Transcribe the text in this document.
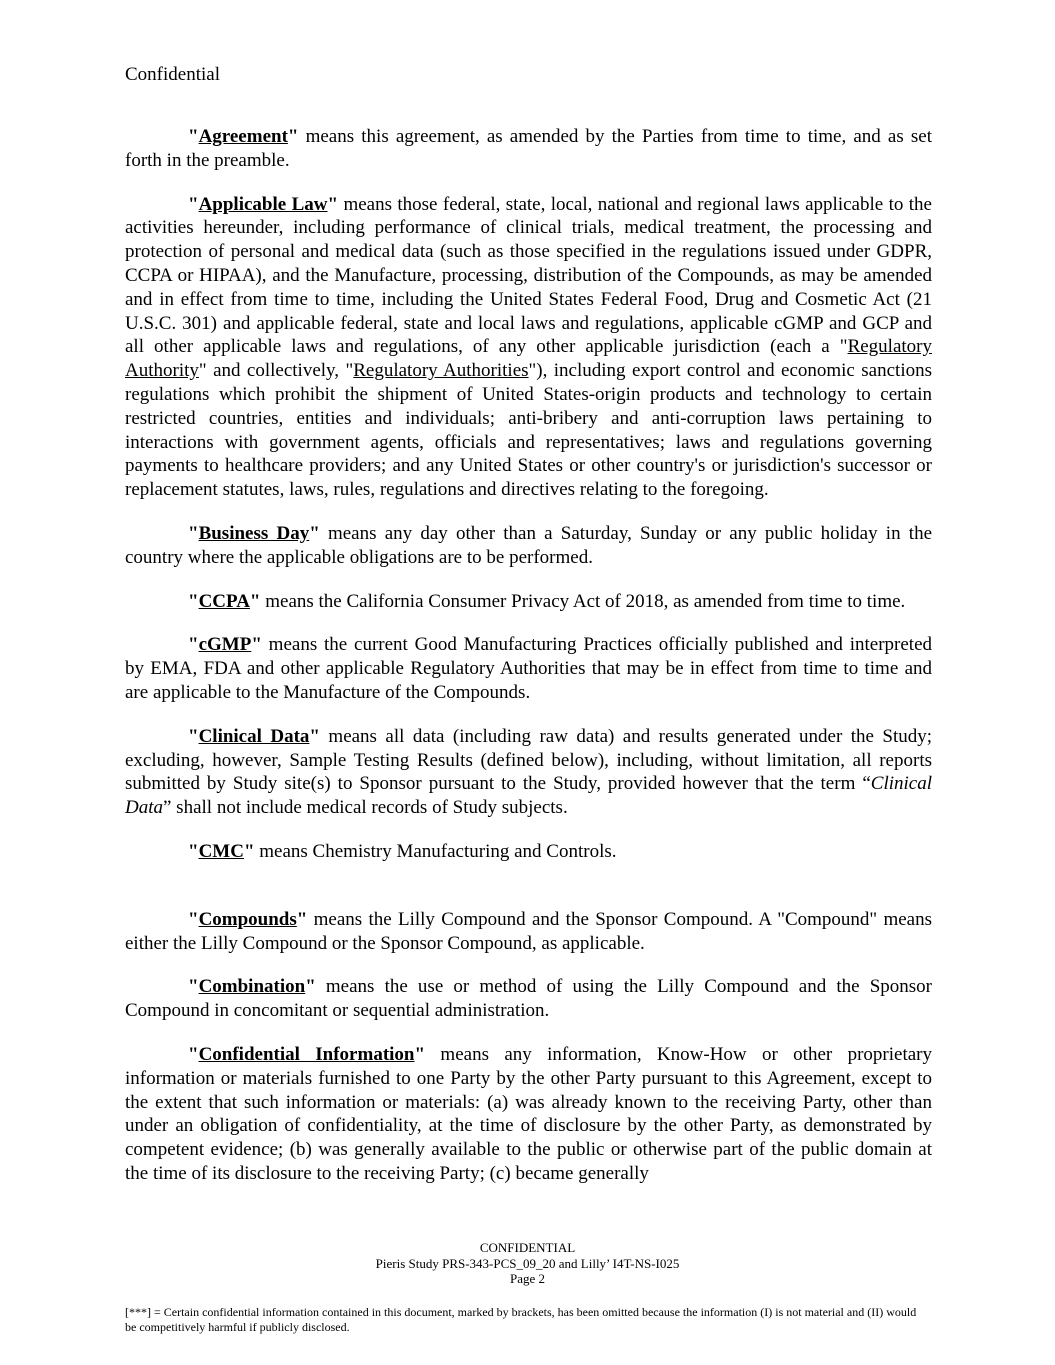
Confidential

"Agreement" means this agreement, as amended by the Parties from time to time, and as set forth in the preamble.

"Applicable Law" means those federal, state, local, national and regional laws applicable to the activities hereunder, including performance of clinical trials, medical treatment, the processing and protection of personal and medical data (such as those specified in the regulations issued under GDPR, CCPA or HIPAA), and the Manufacture, processing, distribution of the Compounds, as may be amended and in effect from time to time, including the United States Federal Food, Drug and Cosmetic Act (21 U.S.C. 301) and applicable federal, state and local laws and regulations, applicable cGMP and GCP and all other applicable laws and regulations, of any other applicable jurisdiction (each a "Regulatory Authority" and collectively, "Regulatory Authorities"), including export control and economic sanctions regulations which prohibit the shipment of United States-origin products and technology to certain restricted countries, entities and individuals; anti-bribery and anti-corruption laws pertaining to interactions with government agents, officials and representatives; laws and regulations governing payments to healthcare providers; and any United States or other country's or jurisdiction's successor or replacement statutes, laws, rules, regulations and directives relating to the foregoing.

"Business Day" means any day other than a Saturday, Sunday or any public holiday in the country where the applicable obligations are to be performed.

"CCPA" means the California Consumer Privacy Act of 2018, as amended from time to time.

"cGMP" means the current Good Manufacturing Practices officially published and interpreted by EMA, FDA and other applicable Regulatory Authorities that may be in effect from time to time and are applicable to the Manufacture of the Compounds.

"Clinical Data" means all data (including raw data) and results generated under the Study; excluding, however, Sample Testing Results (defined below), including, without limitation, all reports submitted by Study site(s) to Sponsor pursuant to the Study, provided however that the term “Clinical Data” shall not include medical records of Study subjects.

"CMC" means Chemistry Manufacturing and Controls.

"Compounds" means the Lilly Compound and the Sponsor Compound. A "Compound" means either the Lilly Compound or the Sponsor Compound, as applicable.

"Combination" means the use or method of using the Lilly Compound and the Sponsor Compound in concomitant or sequential administration.

"Confidential Information" means any information, Know-How or other proprietary information or materials furnished to one Party by the other Party pursuant to this Agreement, except to the extent that such information or materials: (a) was already known to the receiving Party, other than under an obligation of confidentiality, at the time of disclosure by the other Party, as demonstrated by competent evidence; (b) was generally available to the public or otherwise part of the public domain at the time of its disclosure to the receiving Party; (c) became generally

CONFIDENTIAL
Pieris Study PRS-343-PCS_09_20 and Lilly’ I4T-NS-I025
Page 2
[***] = Certain confidential information contained in this document, marked by brackets, has been omitted because the information (I) is not material and (II) would be competitively harmful if publicly disclosed.
